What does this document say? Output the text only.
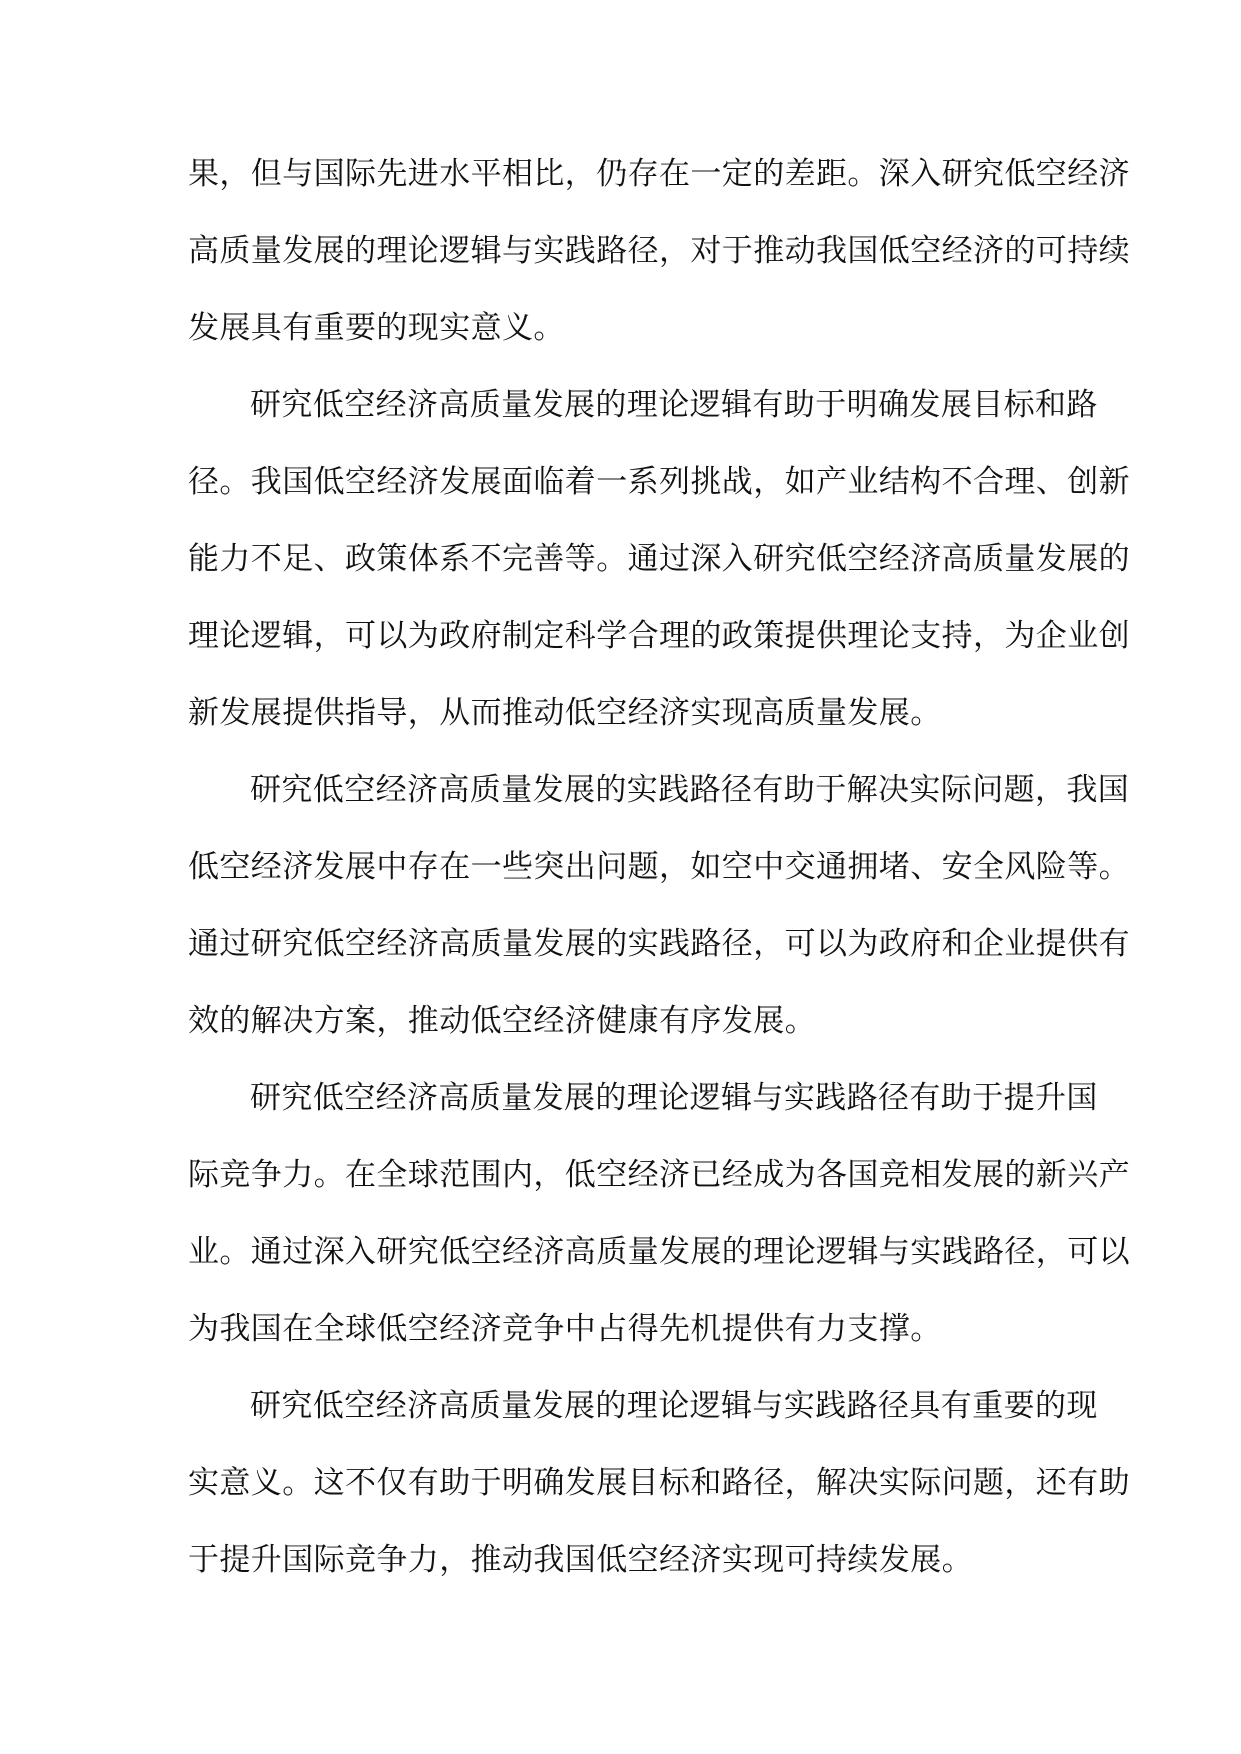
果，但与国际先进水平相比，仍存在一定的差距。深入研究低空经济
高质量发展的理论逻辑与实践路径，对于推动我国低空经济的可持续
发展具有重要的现实意义。
研究低空经济高质量发展的理论逻辑有助于明确发展目标和路
径。我国低空经济发展面临着一系列挑战，如产业结构不合理、创新
能力不足、政策体系不完善等。通过深入研究低空经济高质量发展的
理论逻辑，可以为政府制定科学合理的政策提供理论支持，为企业创
新发展提供指导，从而推动低空经济实现高质量发展。
研究低空经济高质量发展的实践路径有助于解决实际问题，我国
低空经济发展中存在一些突出问题，如空中交通拥堵、安全风险等。
通过研究低空经济高质量发展的实践路径，可以为政府和企业提供有
效的解决方案，推动低空经济健康有序发展。
研究低空经济高质量发展的理论逻辑与实践路径有助于提升国
际竞争力。在全球范围内，低空经济已经成为各国竞相发展的新兴产
业。通过深入研究低空经济高质量发展的理论逻辑与实践路径，可以
为我国在全球低空经济竞争中占得先机提供有力支撑。
研究低空经济高质量发展的理论逻辑与实践路径具有重要的现
实意义。这不仅有助于明确发展目标和路径，解决实际问题，还有助
于提升国际竞争力，推动我国低空经济实现可持续发展。
